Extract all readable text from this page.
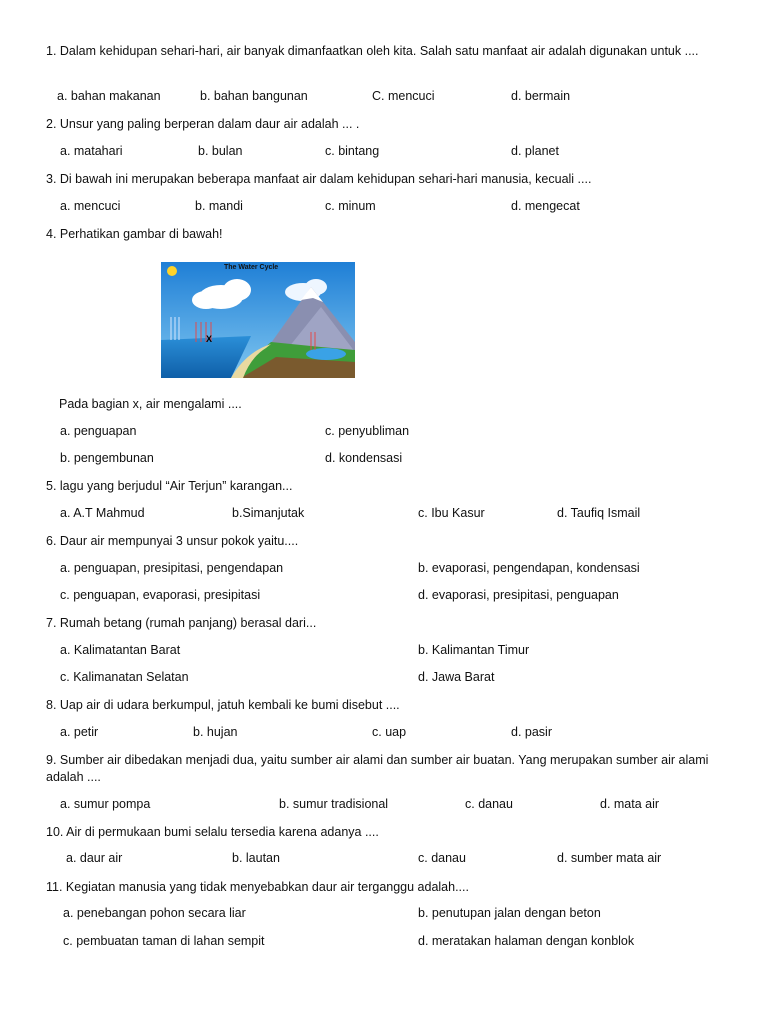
1. Dalam kehidupan sehari-hari, air banyak dimanfaatkan oleh kita. Salah satu manfaat air adalah digunakan untuk ....
a. bahan makanan	b. bahan bangunan	C. mencuci	d. bermain
2. Unsur yang paling berperan dalam daur air adalah ... .
a. matahari	b. bulan	c. bintang	d. planet
3. Di bawah ini merupakan beberapa manfaat air dalam kehidupan sehari-hari manusia, kecuali ....
a. mencuci	b. mandi	c. minum	d. mengecat
4. Perhatikan gambar di bawah!
X
The Water Cycle
Pada bagian x, air mengalami ....
a. penguapan	c. penyubliman
b. pengembunan	d. kondensasi
5. lagu yang berjudul “Air Terjun” karangan...
a. A.T Mahmud	b.Simanjutak	c. Ibu Kasur	d. Taufiq Ismail
6. Daur air mempunyai 3 unsur pokok yaitu....
a. penguapan, presipitasi, pengendapan	b. evaporasi, pengendapan, kondensasi
c. penguapan, evaporasi, presipitasi	d. evaporasi, presipitasi, penguapan
7. Rumah betang (rumah panjang) berasal dari...
a. Kalimatantan Barat	b. Kalimantan Timur
c. Kalimanatan Selatan	d. Jawa Barat
8. Uap air di udara berkumpul, jatuh kembali ke bumi disebut ....
a. petir	b. hujan	c. uap	d. pasir
9. Sumber air dibedakan menjadi dua, yaitu sumber air alami dan sumber air buatan. Yang merupakan sumber air alami adalah ....
a. sumur pompa	b. sumur tradisional	c. danau	d. mata air
10. Air di permukaan bumi selalu tersedia karena adanya ....
a. daur air	b. lautan	c. danau	d. sumber mata air
11. Kegiatan manusia yang tidak menyebabkan daur air terganggu adalah....
a. penebangan pohon secara liar	b. penutupan jalan dengan beton
c. pembuatan taman di lahan sempit	d. meratakan halaman dengan konblok
